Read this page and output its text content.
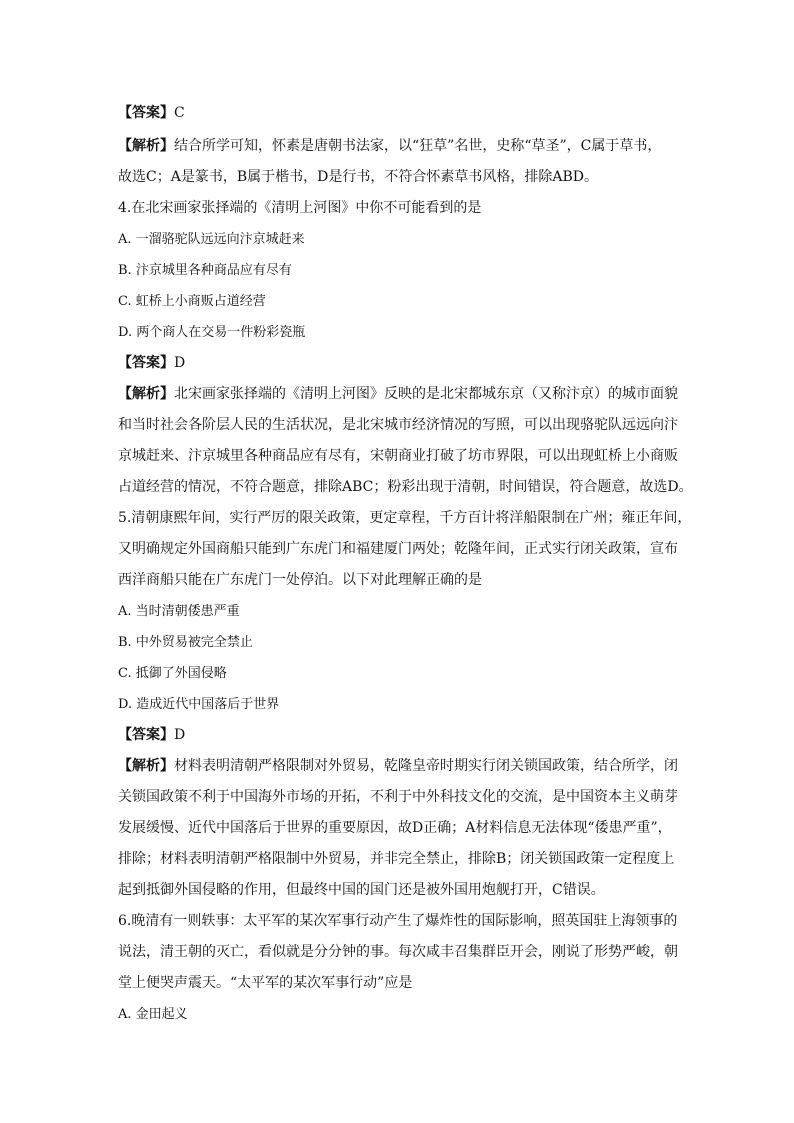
【答案】C
【解析】结合所学可知，怀素是唐朝书法家，以“狂草”名世，史称“草圣”，C属于草书，
故选C；A是篆书，B属于楷书，D是行书，不符合怀素草书风格，排除ABD。
4.在北宋画家张择端的《清明上河图》中你不可能看到的是
A. 一溜骆驼队远远向汴京城赶来
B. 汴京城里各种商品应有尽有
C. 虹桥上小商贩占道经营
D. 两个商人在交易一件粉彩瓷瓶
【答案】D
【解析】北宋画家张择端的《清明上河图》反映的是北宋都城东京（又称汴京）的城市面貌
和当时社会各阶层人民的生活状况，是北宋城市经济情况的写照，可以出现骆驼队远远向汴
京城赶来、汴京城里各种商品应有尽有，宋朝商业打破了坊市界限，可以出现虹桥上小商贩
占道经营的情况，不符合题意，排除ABC；粉彩出现于清朝，时间错误，符合题意，故选D。
5.清朝康熙年间，实行严厉的限关政策，更定章程，千方百计将洋船限制在广州；雍正年间，
又明确规定外国商船只能到广东虎门和福建厦门两处；乾隆年间，正式实行闭关政策，宣布
西洋商船只能在广东虎门一处停泊。以下对此理解正确的是
A. 当时清朝倭患严重
B. 中外贸易被完全禁止
C. 抵御了外国侵略
D. 造成近代中国落后于世界
【答案】D
【解析】材料表明清朝严格限制对外贸易，乾隆皇帝时期实行闭关锁国政策，结合所学，闭
关锁国政策不利于中国海外市场的开拓，不利于中外科技文化的交流，是中国资本主义萌芽
发展缓慢、近代中国落后于世界的重要原因，故D正确；A材料信息无法体现“倭患严重”，
排除；材料表明清朝严格限制中外贸易，并非完全禁止，排除B；闭关锁国政策一定程度上
起到抵御外国侵略的作用，但最终中国的国门还是被外国用炮舰打开，C错误。
6.晚清有一则轶事：太平军的某次军事行动产生了爆炸性的国际影响，照英国驻上海领事的
说法，清王朝的灭亡，看似就是分分钟的事。每次咸丰召集群臣开会，刚说了形势严峻，朝
堂上便哭声震天。“太平军的某次军事行动”应是
A. 金田起义
